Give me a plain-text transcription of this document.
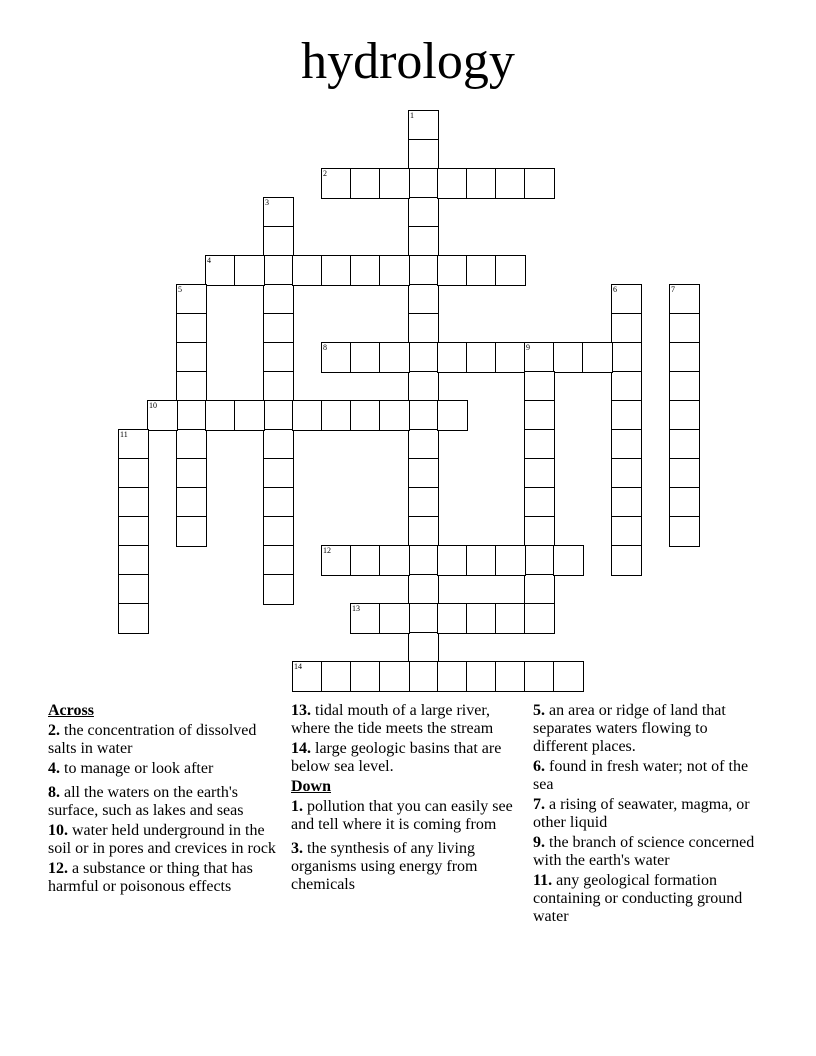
hydrology
1
2
3
4
5	6	7
8	9
10
11
12
13
14
Across
2. the concentration of dissolved salts in water
4. to manage or look after
8. all the waters on the earth's surface, such as lakes and seas
10. water held underground in the soil or in pores and crevices in rock
12. a substance or thing that has harmful or poisonous effects
13. tidal mouth of a large river, where the tide meets the stream
14. large geologic basins that are below sea level.
Down
1. pollution that you can easily see and tell where it is coming from
3. the synthesis of any living organisms using energy from chemicals
5. an area or ridge of land that separates waters flowing to different places.
6. found in fresh water; not of the sea
7. a rising of seawater, magma, or other liquid
9. the branch of science concerned with the earth's water
11. any geological formation containing or conducting ground water
